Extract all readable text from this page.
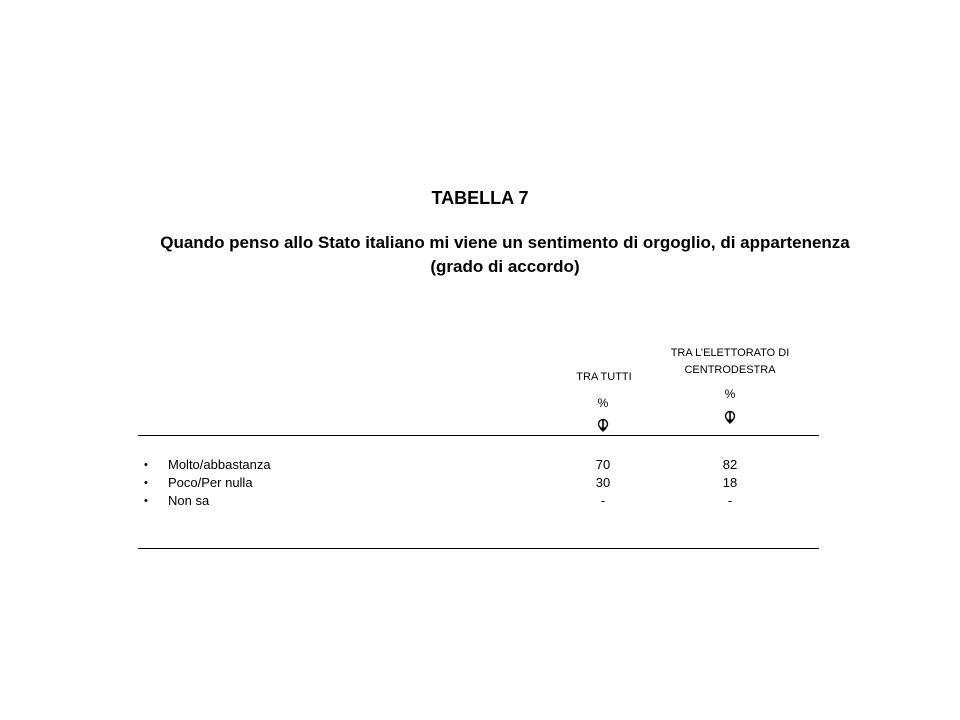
TABELLA 7
Quando penso allo Stato italiano mi viene un sentimento di orgoglio, di appartenenza
(grado di accordo)
TRA TUTTI
TRA L’ELETTORATO DI
CENTRODESTRA
%
%
• Molto/abbastanza	70	82
• Poco/Per nulla	30	18
• Non sa	-	-
